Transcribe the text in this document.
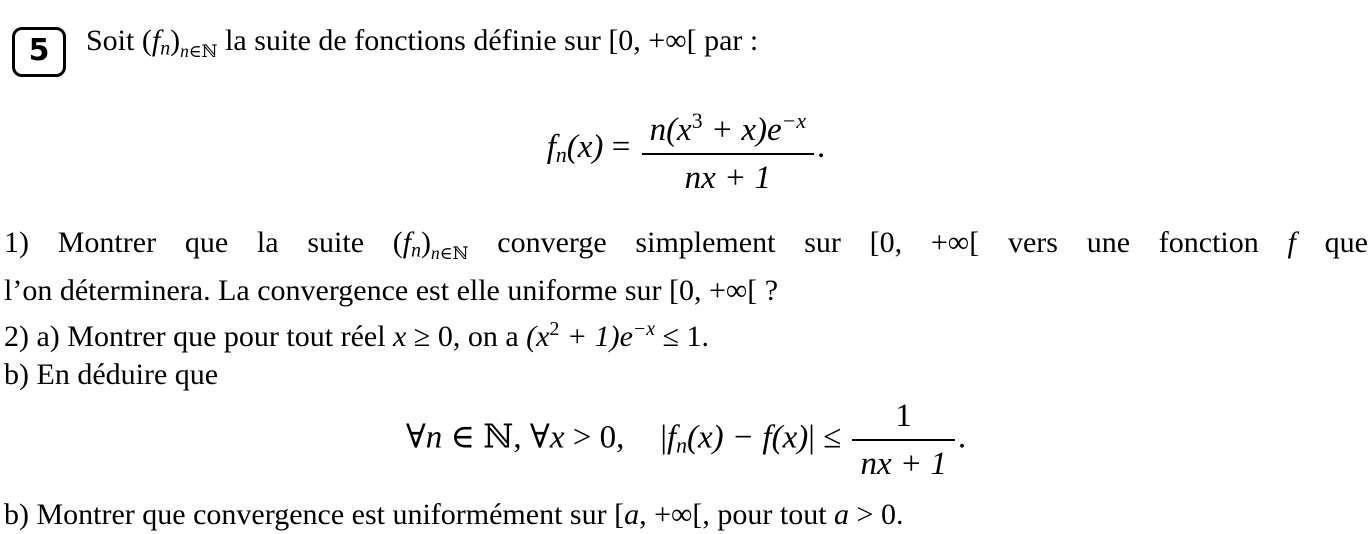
5 Soit $(fn)_{n\in ℕ}$ la suite de fonctions définie sur [0, +∞[ par :
$fn(x) = \frac{n(x^3 + x)e^{-x}}{nx + 1}$ .
1) Montrer que la suite $(fn)_{n\in ℕ}$ converge simplement sur [0, +∞[ vers une fonction f que
l’on déterminera. La convergence est elle uniforme sur [0, +∞[ ?
2) a) Montrer que pour tout réel x ≥ 0, on a $(x^2 + 1)e^{-x} \le 1$.
b) En déduire que
∀n ∈ ℕ, ∀x > 0, $|fn(x) - f(x)| \le \frac{1}{nx + 1}$ .
b) Montrer que convergence est uniformément sur [a, +∞[, pour tout a > 0.
